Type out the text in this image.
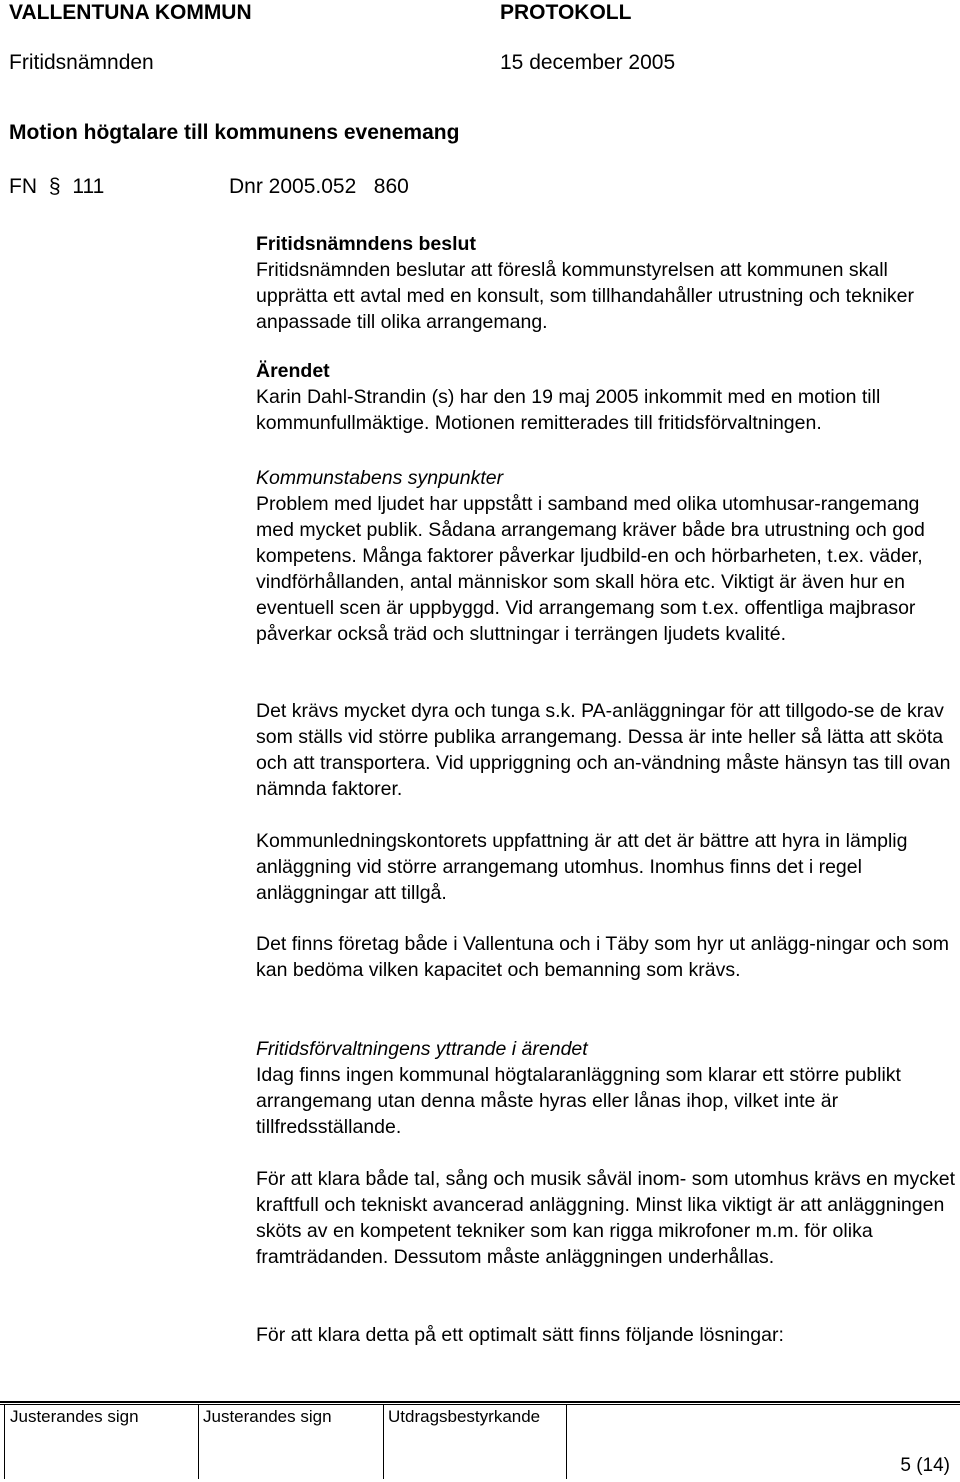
VALLENTUNA KOMMUN	PROTOKOLL
Fritidsnämnden	15 december 2005
Motion högtalare till kommunens evenemang
FN § 111	Dnr 2005.052   860

Fritidsnämndens beslut

Fritidsnämnden beslutar att föreslå kommunstyrelsen att kommunen skall upprätta ett avtal med en konsult, som tillhandahåller utrustning och tekniker anpassade till olika arrangemang.

Ärendet

Karin Dahl-Strandin (s) har den 19 maj 2005 inkommit med en motion till kommunfullmäktige. Motionen remitterades till fritidsförvaltningen.

Kommunstabens synpunkter

Problem med ljudet har uppstått i samband med olika utomhusar-rangemang med mycket publik. Sådana arrangemang kräver både bra utrustning och god kompetens. Många faktorer påverkar ljudbild-en och hörbarheten, t.ex. väder, vindförhållanden, antal människor som skall höra etc. Viktigt är även hur en eventuell scen är uppbyggd. Vid arrangemang som t.ex. offentliga majbrasor påverkar också träd och sluttningar i terrängen ljudets kvalité.

Det krävs mycket dyra och tunga s.k. PA-anläggningar för att tillgodo-se de krav som ställs vid större publika arrangemang. Dessa är inte heller så lätta att sköta och att transportera. Vid uppriggning och an-vändning måste hänsyn tas till ovan nämnda faktorer.

Kommunledningskontorets uppfattning är att det är bättre att hyra in lämplig anläggning vid större arrangemang utomhus. Inomhus finns det i regel anläggningar att tillgå.

Det finns företag både i Vallentuna och i Täby som hyr ut anlägg-ningar och som kan bedöma vilken kapacitet och bemanning som krävs.

Fritidsförvaltningens yttrande i ärendet

Idag finns ingen kommunal högtalaranläggning som klarar ett större publikt arrangemang utan denna måste hyras eller lånas ihop, vilket inte är tillfredsställande.

För att klara både tal, sång och musik såväl inom- som utomhus krävs en mycket kraftfull och tekniskt avancerad anläggning. Minst lika viktigt är att anläggningen sköts av en kompetent tekniker som kan rigga mikrofoner m.m. för olika framträdanden. Dessutom måste anläggningen underhållas.

För att klara detta på ett optimalt sätt finns följande lösningar:

Justerandes sign	Justerandes sign	Utdragsbestyrkande
5 (14)
